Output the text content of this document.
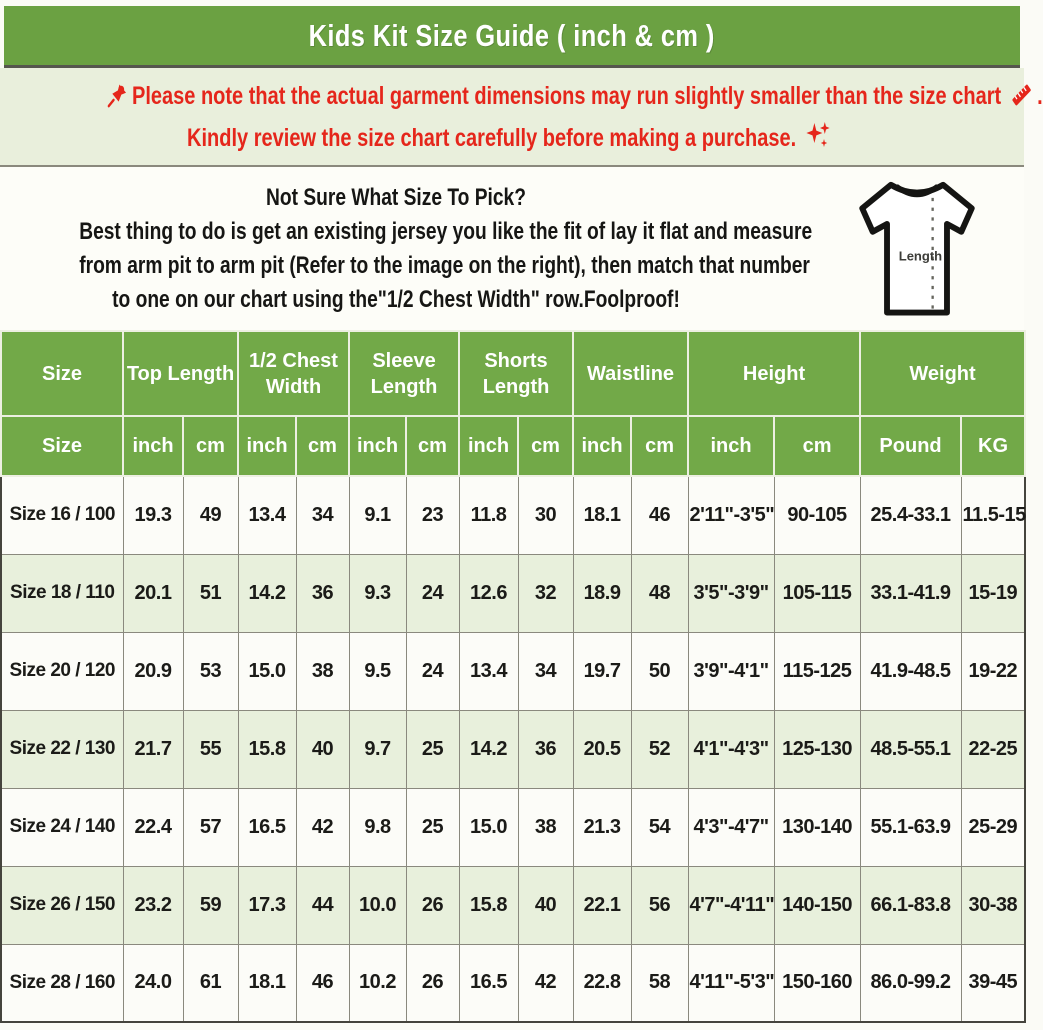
Kids Kit Size Guide ( inch & cm )
Please note that the actual garment dimensions may run slightly smaller than the size chart .
Kindly review the size chart carefully before making a purchase.
Not Sure What Size To Pick?
Best thing to do is get an existing jersey you like the fit of lay it flat and measure
from arm pit to arm pit (Refer to the image on the right), then match that number
to one on our chart using the"1/2 Chest Width" row.Foolproof!
Length
Size	Top Length		1/2 Chest Width		Sleeve Length		Shorts Length		Waistline		Height		Weight	
Size	inch	cm	inch	cm	inch	cm	inch	cm	inch	cm	inch	cm	Pound	KG
Size 16 / 100	19.3	49	13.4	34	9.1	23	11.8	30	18.1	46	2'11"-3'5"	90-105	25.4-33.1	11.5-15
Size 18 / 110	20.1	51	14.2	36	9.3	24	12.6	32	18.9	48	3'5"-3'9"	105-115	33.1-41.9	15-19
Size 20 / 120	20.9	53	15.0	38	9.5	24	13.4	34	19.7	50	3'9"-4'1"	115-125	41.9-48.5	19-22
Size 22 / 130	21.7	55	15.8	40	9.7	25	14.2	36	20.5	52	4'1"-4'3"	125-130	48.5-55.1	22-25
Size 24 / 140	22.4	57	16.5	42	9.8	25	15.0	38	21.3	54	4'3"-4'7"	130-140	55.1-63.9	25-29
Size 26 / 150	23.2	59	17.3	44	10.0	26	15.8	40	22.1	56	4'7"-4'11"	140-150	66.1-83.8	30-38
Size 28 / 160	24.0	61	18.1	46	10.2	26	16.5	42	22.8	58	4'11"-5'3"	150-160	86.0-99.2	39-45
